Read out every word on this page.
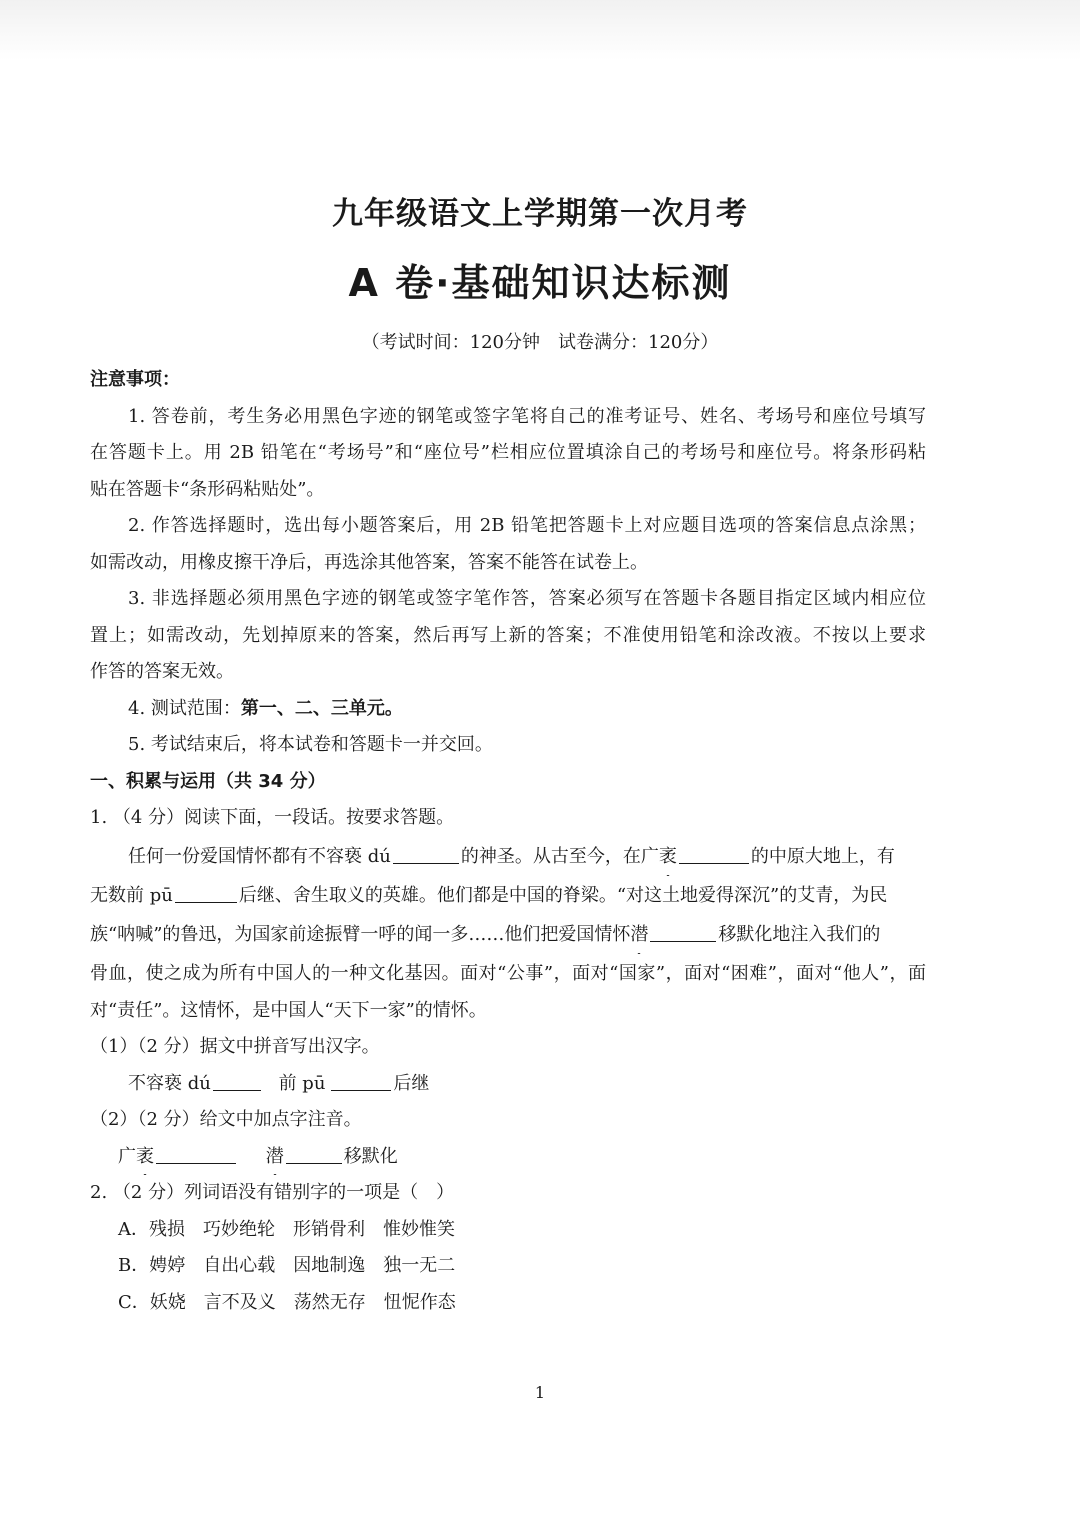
九年级语文上学期第一次月考
A 卷·基础知识达标测
（考试时间：120分钟　试卷满分：120分）
注意事项：
1. 答卷前，考生务必用黑色字迹的钢笔或签字笔将自己的准考证号、姓名、考场号和座位号填写
在答题卡上。用 2B 铅笔在“考场号”和“座位号”栏相应位置填涂自己的考场号和座位号。将条形码粘
贴在答题卡“条形码粘贴处”。
2. 作答选择题时，选出每小题答案后，用 2B 铅笔把答题卡上对应题目选项的答案信息点涂黑；
如需改动，用橡皮擦干净后，再选涂其他答案，答案不能答在试卷上。
3. 非选择题必须用黑色字迹的钢笔或签字笔作答，答案必须写在答题卡各题目指定区域内相应位
置上；如需改动，先划掉原来的答案，然后再写上新的答案；不准使用铅笔和涂改液。不按以上要求
作答的答案无效。
4. 测试范围：第一、二、三单元。
5. 考试结束后，将本试卷和答题卡一并交回。
一、积累与运用（共 34 分）
1. （4 分）阅读下面，一段话。按要求答题。
任何一份爱国情怀都有不容亵 dú	的神圣。从古至今，在广袤	的中原大地上，有
无数前 pū	后继、舍生取义的英雄。他们都是中国的脊梁。“对这土地爱得深沉”的艾青，为民
族“呐喊”的鲁迅，为国家前途振臂一呼的闻一多……他们把爱国情怀潜	移默化地注入我们的
骨血，使之成为所有中国人的一种文化基因。面对“公事”，面对“国家”，面对“困难”，面对“他人”，面
对“责任”。这情怀，是中国人“天下一家”的情怀。
（1）（2 分）据文中拼音写出汉字。
不容亵 dú	前 pū	后继
（2）（2 分）给文中加点字注音。
广袤	潜	移默化
2. （2 分）列词语没有错别字的一项是（　）
A．残损　巧妙绝轮　形销骨利　惟妙惟笑
B．娉婷　自出心载　因地制逸　独一无二
C．妖娆　言不及义　荡然无存　忸怩作态
1
